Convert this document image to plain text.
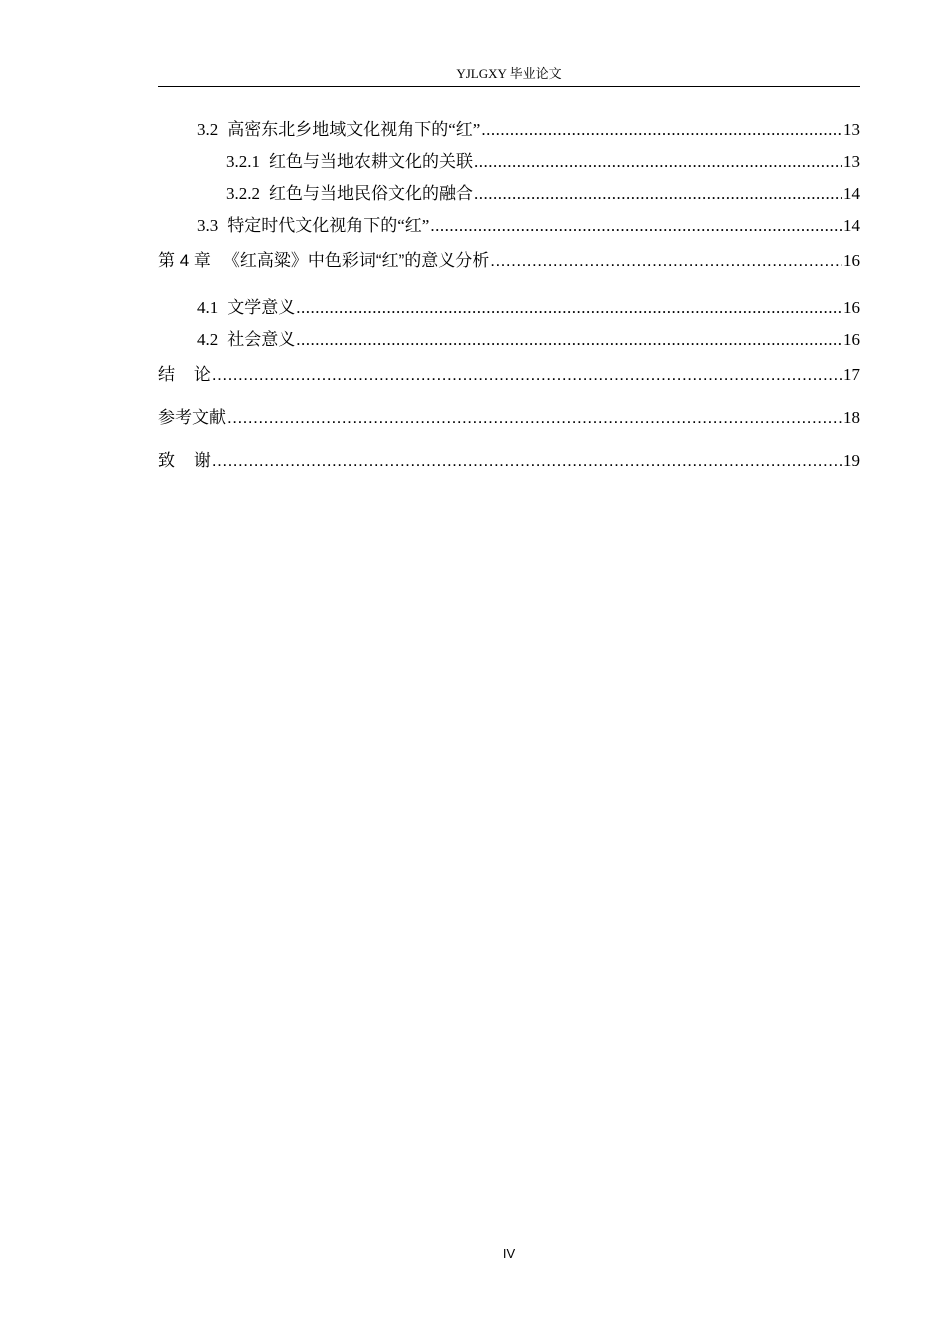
YJLGXY 毕业论文
3.2 高密东北乡地域文化视角下的“红” .....	13
3.2.1 红色与当地农耕文化的关联 .....	13
3.2.2 红色与当地民俗文化的融合 .....	14
3.3 特定时代文化视角下的“红” .....	14
第 4 章 《红高粱》中色彩词“红”的意义分析 .....	16
4.1 文学意义 .....	16
4.2 社会意义 .....	16
结    论 .....	17
参考文献 .....	18
致    谢 .....	19
IV
